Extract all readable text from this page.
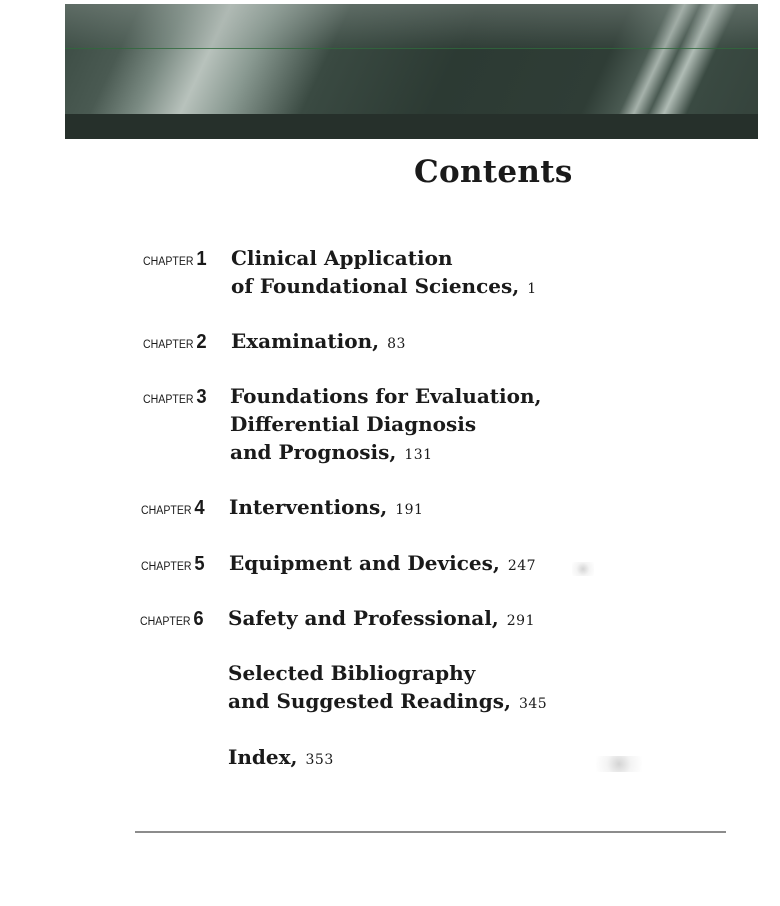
Contents
CHAPTER 1 Clinical Application
of Foundational Sciences, 1
CHAPTER 2 Examination, 83
CHAPTER 3 Foundations for Evaluation,
Differential Diagnosis
and Prognosis, 131
CHAPTER 4 Interventions, 191
CHAPTER 5 Equipment and Devices, 247
CHAPTER 6 Safety and Professional, 291
Selected Bibliography
and Suggested Readings, 345
Index, 353
